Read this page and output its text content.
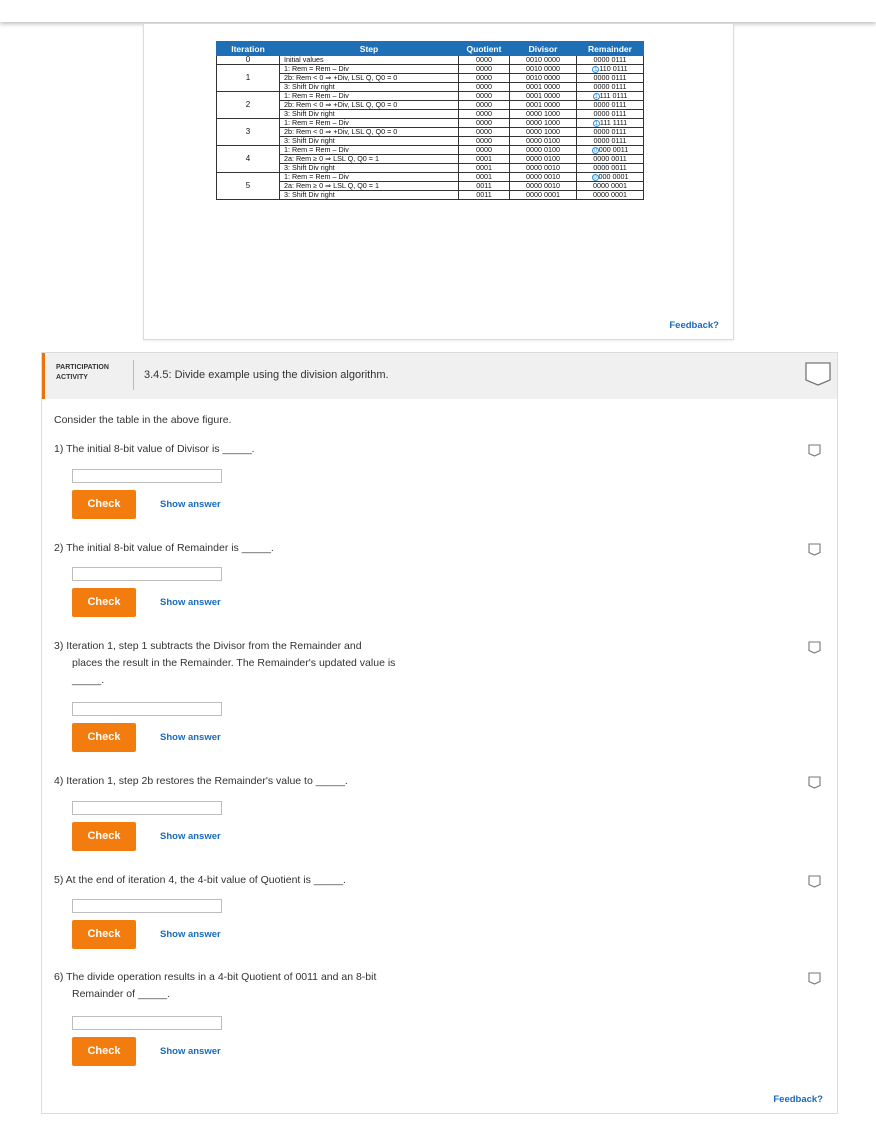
Iteration	Step	Quotient	Divisor	Remainder
0	Initial values	0000	0010 0000	0000 0111
1	1: Rem = Rem – Div	0000	0010 0000	1 110 0111
	2b: Rem < 0 ⇒ +Div, LSL Q, Q0 = 0	0000	0010 0000	0000 0111
	3: Shift Div right	0000	0001 0000	0000 0111
2	1: Rem = Rem – Div	0000	0001 0000	1 111 0111
	2b: Rem < 0 ⇒ +Div, LSL Q, Q0 = 0	0000	0001 0000	0000 0111
	3: Shift Div right	0000	0000 1000	0000 0111
3	1: Rem = Rem – Div	0000	0000 1000	1 111 1111
	2b: Rem < 0 ⇒ +Div, LSL Q, Q0 = 0	0000	0000 1000	0000 0111
	3: Shift Div right	0000	0000 0100	0000 0111
4	1: Rem = Rem – Div	0000	0000 0100	0 000 0011
	2a: Rem ≥ 0 ⇒ LSL Q, Q0 = 1	0001	0000 0100	0000 0011
	3: Shift Div right	0001	0000 0010	0000 0011
5	1: Rem = Rem – Div	0001	0000 0010	0 000 0001
	2a: Rem ≥ 0 ⇒ LSL Q, Q0 = 1	0011	0000 0010	0000 0001
	3: Shift Div right	0011	0000 0001	0000 0001
Feedback?
PARTICIPATION
ACTIVITY	3.4.5: Divide example using the division algorithm.
Consider the table in the above figure.
1) The initial 8-bit value of Divisor is _____.
Check	Show answer
2) The initial 8-bit value of Remainder is _____.
Check	Show answer
3) Iteration 1, step 1 subtracts the Divisor from the Remainder and
places the result in the Remainder. The Remainder's updated value is
_____.
Check	Show answer
4) Iteration 1, step 2b restores the Remainder's value to _____.
Check	Show answer
5) At the end of iteration 4, the 4-bit value of Quotient is _____.
Check	Show answer
6) The divide operation results in a 4-bit Quotient of 0011 and an 8-bit
Remainder of _____.
Check	Show answer
Feedback?
